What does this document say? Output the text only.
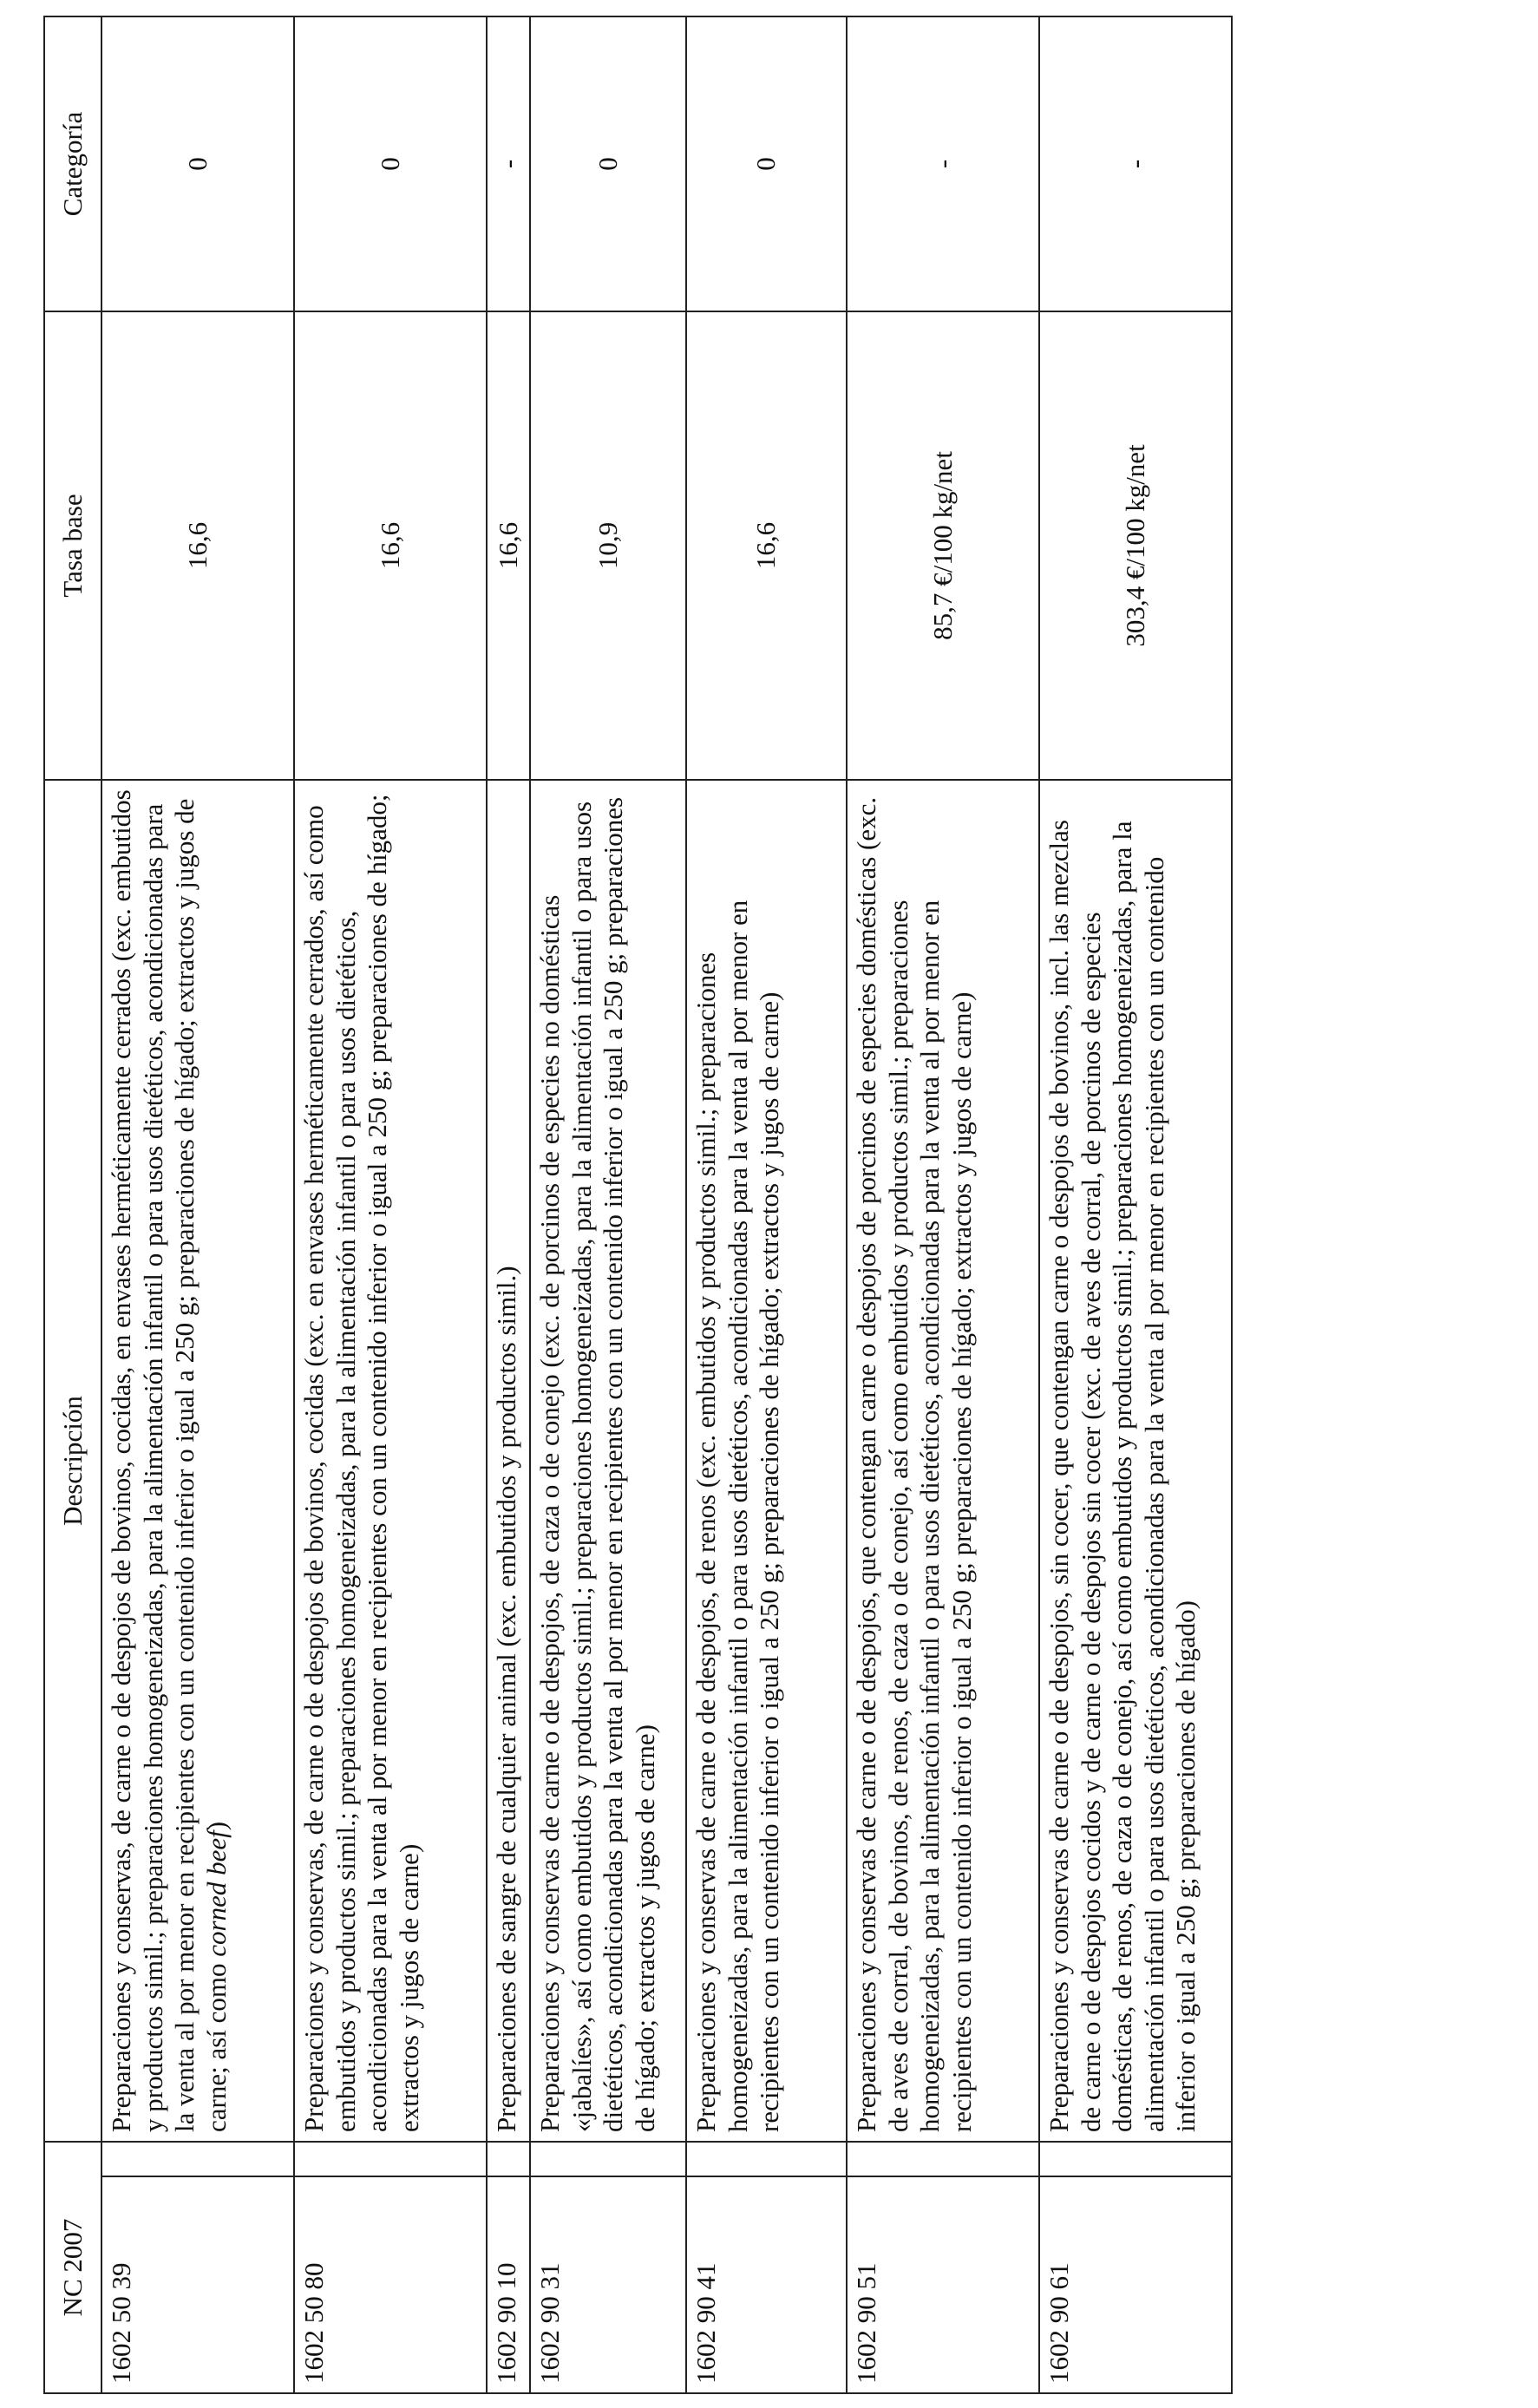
NC 2007		Descripción	Tasa base	Categoría
1602 50 39		Preparaciones y conservas, de carne o de despojos de bovinos, cocidas, en envases herméticamente cerrados (exc. embutidos y productos simil.; preparaciones homogeneizadas, para la alimentación infantil o para usos dietéticos, acondicionadas para la venta al por menor en recipientes con un contenido inferior o igual a 250 g; preparaciones de hígado; extractos y jugos de carne; así como corned beef)	16,6	0
1602 50 80		Preparaciones y conservas, de carne o de despojos de bovinos, cocidas (exc. en envases herméticamente cerrados, así como embutidos y productos simil.; preparaciones homogeneizadas, para la alimentación infantil o para usos dietéticos, acondicionadas para la venta al por menor en recipientes con un contenido inferior o igual a 250 g; preparaciones de hígado; extractos y jugos de carne)	16,6	0
1602 90 10		Preparaciones de sangre de cualquier animal (exc. embutidos y productos simil.)	16,6	-
1602 90 31		Preparaciones y conservas de carne o de despojos, de caza o de conejo (exc. de porcinos de especies no domésticas «jabalíes», así como embutidos y productos simil.; preparaciones homogeneizadas, para la alimentación infantil o para usos dietéticos, acondicionadas para la venta al por menor en recipientes con un contenido inferior o igual a 250 g; preparaciones de hígado; extractos y jugos de carne)	10,9	0
1602 90 41		Preparaciones y conservas de carne o de despojos, de renos (exc. embutidos y productos simil.; preparaciones homogeneizadas, para la alimentación infantil o para usos dietéticos, acondicionadas para la venta al por menor en recipientes con un contenido inferior o igual a 250 g; preparaciones de hígado; extractos y jugos de carne)	16,6	0
1602 90 51		Preparaciones y conservas de carne o de despojos, que contengan carne o despojos de porcinos de especies domésticas (exc. de aves de corral, de bovinos, de renos, de caza o de conejo, así como embutidos y productos simil.; preparaciones homogeneizadas, para la alimentación infantil o para usos dietéticos, acondicionadas para la venta al por menor en recipientes con un contenido inferior o igual a 250 g; preparaciones de hígado; extractos y jugos de carne)	85,7 €/100 kg/net	-
1602 90 61		Preparaciones y conservas de carne o de despojos, sin cocer, que contengan carne o despojos de bovinos, incl. las mezclas de carne o de despojos cocidos y de carne o de despojos sin cocer (exc. de aves de corral, de porcinos de especies domésticas, de renos, de caza o de conejo, así como embutidos y productos simil.; preparaciones homogeneizadas, para la alimentación infantil o para usos dietéticos, acondicionadas para la venta al por menor en recipientes con un contenido inferior o igual a 250 g; preparaciones de hígado)	303,4 €/100 kg/net	-
